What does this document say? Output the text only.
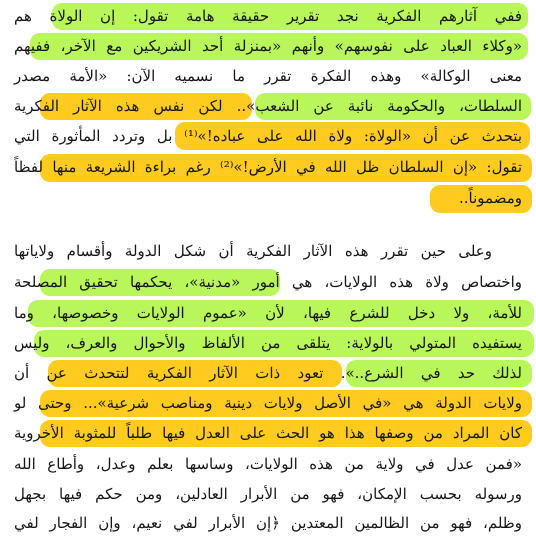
ففي آثارهم الفكرية نجد تقرير حقيقة هامة تقول: إن الولاة هم
«وكلاء العباد على نفوسهم» وأنهم «بمنزلة أحد الشريكين مع الآخر، ففيهم
معنى الوكالة» وهذه الفكرة تقرر ما نسميه الآن: «الأمة مصدر
السلطات، والحكومة نائبة عن الشعب».. لكن نفس هذه الآثار الفكرية
بتحدث عن أن «الولاة: ولاة الله على عباده!»⁽¹⁾ بل وتردد المأثورة التي
تقول: «إن السلطان ظل الله في الأرض!»⁽²⁾ رغم براءة الشريعة منها لفظاً
ومضموناً..
وعلى حين تقرر هذه الآثار الفكرية أن شكل الدولة وأقسام ولاياتها
واختصاص ولاة هذه الولايات، هي أمور «مدنية»، يحكمها تحقيق المصلحة
للأمة، ولا دخل للشرع فيها، لأن «عموم الولايات وخصوصها، وما
يستفيده المتولي بالولاية: يتلقى من الألفاظ والأحوال والعرف، وليس
لذلك حد في الشرع..». تعود ذات الآثار الفكرية لتتحدث عن أن
ولايات الدولة هي «في الأصل ولايات دينية ومناصب شرعية»... وحتى لو
كان المراد من وصفها هذا هو الحث على العدل فيها طلباً للمثوبة الأخروية
«فمن عدل في ولاية من هذه الولايات، وساسها بعلم وعدل، وأطاع الله
ورسوله بحسب الإمكان، فهو من الأبرار العادلين، ومن حكم فيها بجهل
وظلم، فهو من الظالمين المعتدين ﴿إن الأبرار لفي نعيم، وإن الفجار لفي
